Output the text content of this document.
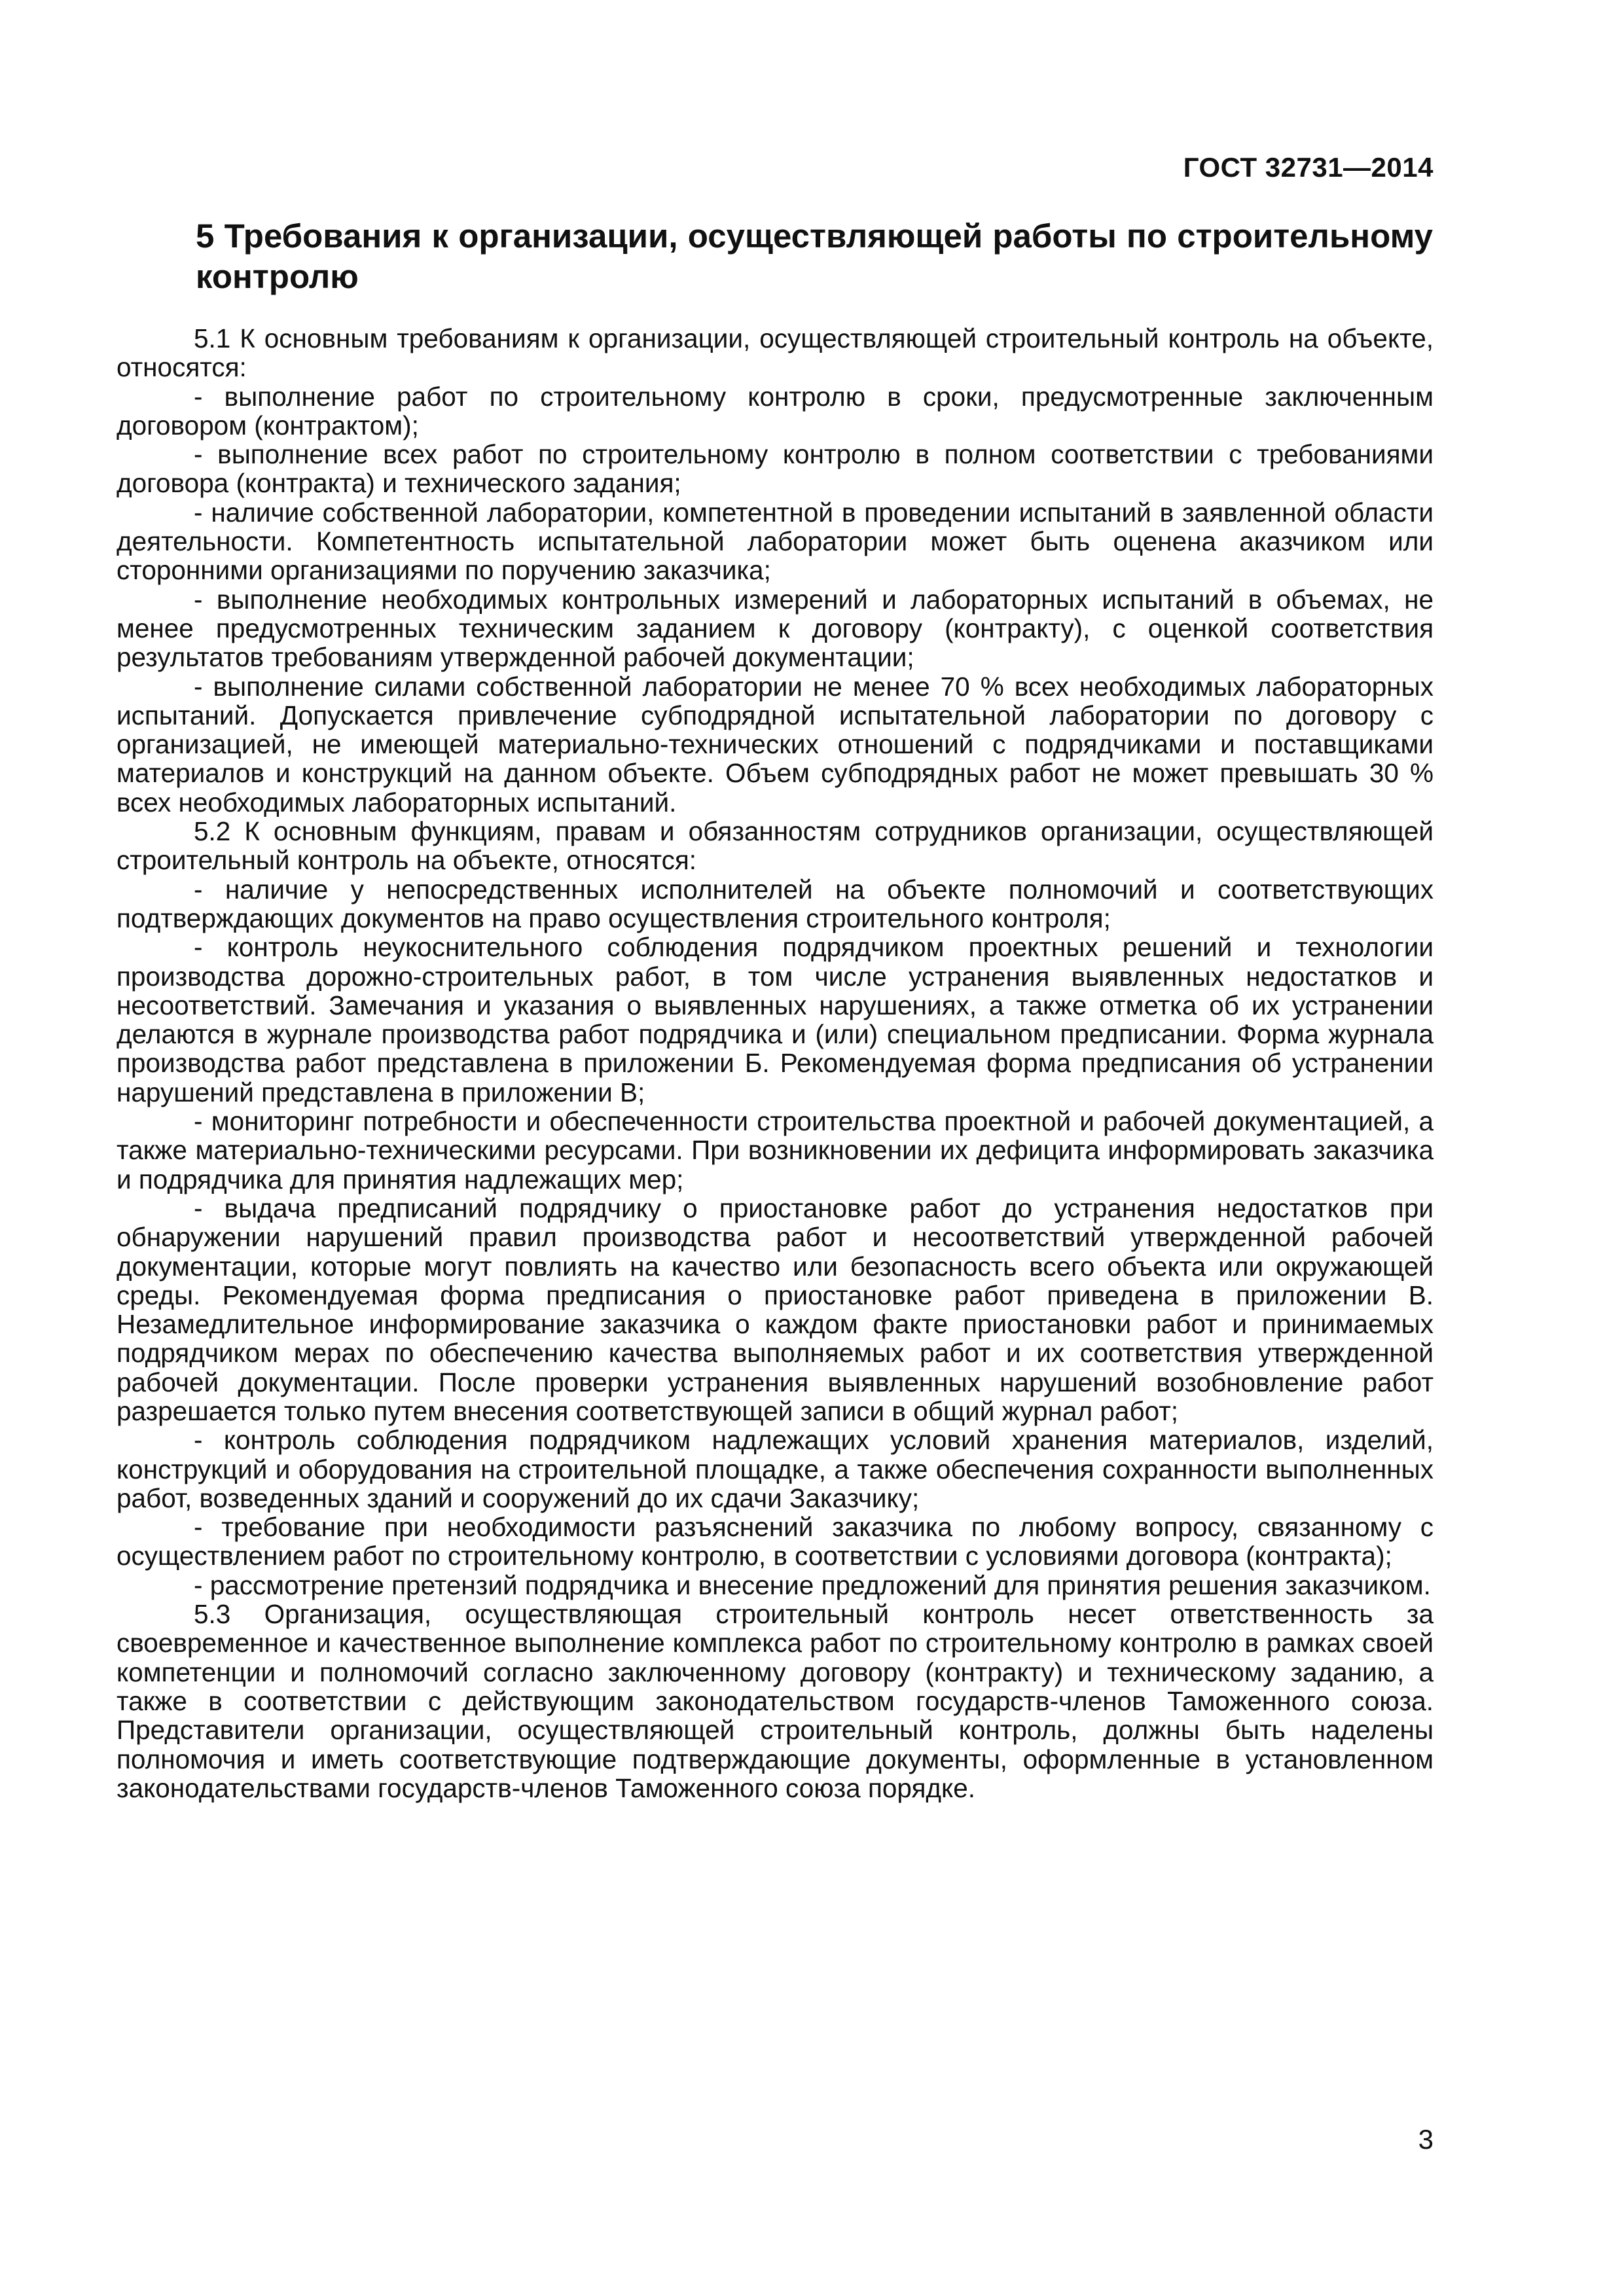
ГОСТ 32731—2014
5 Требования к организации, осуществляющей работы по строительному контролю

5.1 К основным требованиям к организации, осуществляющей строительный контроль на объекте, относятся:

- выполнение работ по строительному контролю в сроки, предусмотренные заключенным договором (контрактом);

- выполнение всех работ по строительному контролю в полном соответствии с требованиями договора (контракта) и технического задания;

- наличие собственной лаборатории, компетентной в проведении испытаний в заявленной области деятельности. Компетентность испытательной лаборатории может быть оценена аказчиком или сторонними организациями по поручению заказчика;

- выполнение необходимых контрольных измерений и лабораторных испытаний в объемах, не менее предусмотренных техническим заданием к договору (контракту), с оценкой соответствия результатов требованиям утвержденной рабочей документации;

- выполнение силами собственной лаборатории не менее 70 % всех необходимых лабораторных испытаний. Допускается привлечение субподрядной испытательной лаборатории по договору с организацией, не имеющей материально-технических отношений с подрядчиками и поставщиками материалов и конструкций на данном объекте. Объем субподрядных работ не может превышать 30 % всех необходимых лабораторных испытаний.

5.2 К основным функциям, правам и обязанностям сотрудников организации, осуществляющей строительный контроль на объекте, относятся:

- наличие у непосредственных исполнителей на объекте полномочий и соответствующих подтверждающих документов на право осуществления строительного контроля;

- контроль неукоснительного соблюдения подрядчиком проектных решений и технологии производства дорожно-строительных работ, в том числе устранения выявленных недостатков и несоответствий. Замечания и указания о выявленных нарушениях, а также отметка об их устранении делаются в журнале производства работ подрядчика и (или) специальном предписании. Форма журнала производства работ представлена в приложении Б. Рекомендуемая форма предписания об устранении нарушений представлена в приложении В;

- мониторинг потребности и обеспеченности строительства проектной и рабочей документацией, а также материально-техническими ресурсами. При возникновении их дефицита информировать заказчика и подрядчика для принятия надлежащих мер;

- выдача предписаний подрядчику о приостановке работ до устранения недостатков при обнаружении нарушений правил производства работ и несоответствий утвержденной рабочей документации, которые могут повлиять на качество или безопасность всего объекта или окружающей среды. Рекомендуемая форма предписания о приостановке работ приведена в приложении В. Незамедлительное информирование заказчика о каждом факте приостановки работ и принимаемых подрядчиком мерах по обеспечению качества выполняемых работ и их соответствия утвержденной рабочей документации. После проверки устранения выявленных нарушений возобновление работ разрешается только путем внесения соответствующей записи в общий журнал работ;

- контроль соблюдения подрядчиком надлежащих условий хранения материалов, изделий, конструкций и оборудования на строительной площадке, а также обеспечения сохранности выполненных работ, возведенных зданий и сооружений до их сдачи Заказчику;

- требование при необходимости разъяснений заказчика по любому вопросу, связанному с осуществлением работ по строительному контролю, в соответствии с условиями договора (контракта);

- рассмотрение претензий подрядчика и внесение предложений для принятия решения заказчиком.

5.3 Организация, осуществляющая строительный контроль несет ответственность за своевременное и качественное выполнение комплекса работ по строительному контролю в рамках своей компетенции и полномочий согласно заключенному договору (контракту) и техническому заданию, а также в соответствии с действующим законодательством государств-членов Таможенного союза. Представители организации, осуществляющей строительный контроль, должны быть наделены полномочия и иметь соответствующие подтверждающие документы, оформленные в установленном законодательствами государств-членов Таможенного союза порядке.

3
